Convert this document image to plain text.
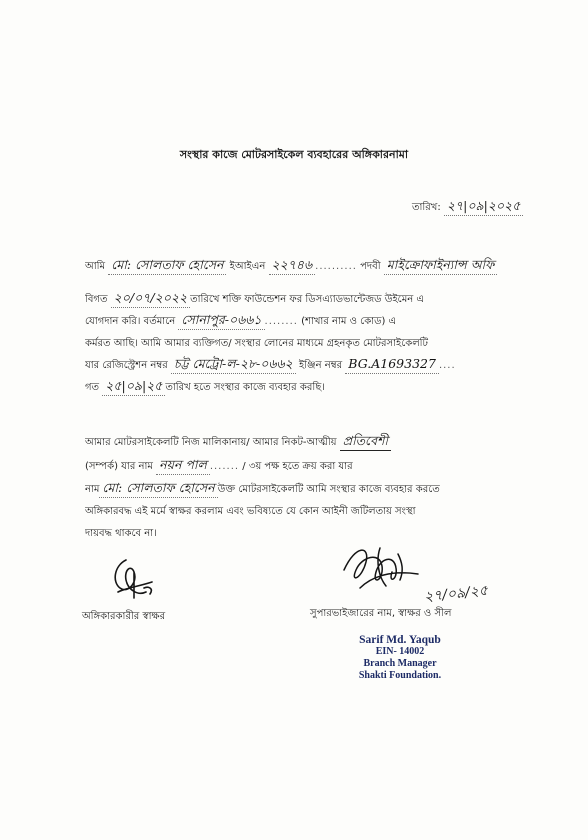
সংস্থার কাজে মোটরসাইকেল ব্যবহারের অঙ্গিকারনামা
তারিখ: ২৭|০৯|২০২৫
আমি মো: সোলতাফ হোসেন ইআইএন ২২৭৪৬ .......... পদবী মাইক্রোফাইন্যান্স অফি
বিগত ২০/০৭/২০২২ তারিখে শক্তি ফাউন্ডেশন ফর ডিসএ্যাডভান্টেজড উইমেন এ
যোগদান করি। বর্তমানে সোনাপুর-০৬৬১ ........ (শাখার নাম ও কোড) এ
কর্মরত আছি। আমি আমার ব্যক্তিগত/ সংস্থার লোনের মাধ্যমে গ্রহনকৃত মোটরসাইকেলটি
যার রেজিস্ট্রেশন নম্বর চট্ট মেট্রো-ল-২৮-০৬৬২ ইঞ্জিন নম্বর BG.A1693327 ....
গত ২৫|০৯|২৫ তারিখ হতে সংস্থার কাজে ব্যবহার করছি।
আমার মোটরসাইকেলটি নিজ মালিকানায়/ আমার নিকট-আত্মীয় প্রতিবেশী
(সম্পর্ক) যার নাম নয়ন পাল ....... / ৩য় পক্ষ হতে ক্রয় করা যার
নাম মো: সোলতাফ হোসেন উক্ত মোটরসাইকেলটি আমি সংস্থার কাজে ব্যবহার করতে
অঙ্গিকারবদ্ধ এই মর্মে স্বাক্ষর করলাম এবং ভবিষ্যতে যে কোন আইনী জটিলতায় সংস্থা
দায়বদ্ধ থাকবে না।
২৭/০৯/২৫
অঙ্গিকারকারীর স্বাক্ষর	সুপারভাইজারের নাম, স্বাক্ষর ও সীল
Sarif Md. Yaqub
EIN- 14002
Branch Manager
Shakti Foundation.
